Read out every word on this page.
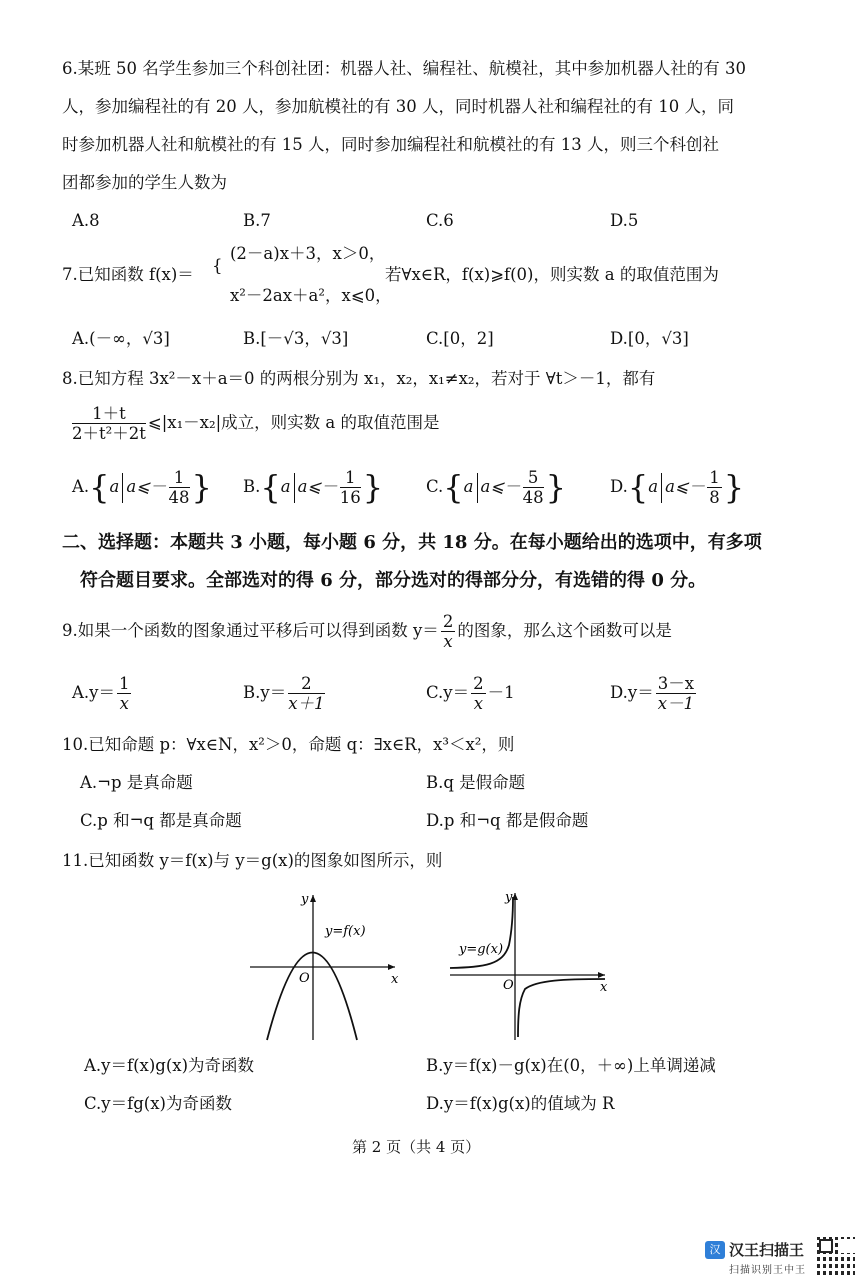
6.某班 50 名学生参加三个科创社团：机器人社、编程社、航模社，其中参加机器人社的有 30
人，参加编程社的有 20 人，参加航模社的有 30 人，同时机器人社和编程社的有 10 人，同
时参加机器人社和航模社的有 15 人，同时参加编程社和航模社的有 13 人，则三个科创社
团都参加的学生人数为
A.8	B.7	C.6	D.5
7.已知函数 f(x)＝ {
(2－a)x＋3，x＞0，
x²－2ax＋a²，x⩽0，
若∀x∈R，f(x)⩾f(0)，则实数 a 的取值范围为
A.(－∞，√3]	B.[－√3，√3]	C.[0，2]	D.[0，√3]
8.已知方程 3x²－x＋a＝0 的两根分别为 x₁，x₂，x₁≠x₂，若对于 ∀t＞－1，都有
$\frac{1+t}{\text{2＋t²＋2t}}$ ⩽|x₁－x₂|成立，则实数 a 的取值范围是
A.{a a⩽－ $\frac{1}{48}$ } B.{a a⩽－ $\frac{1}{16}$ }	C.{a a⩽－ $\frac{5}{48}$ }	D.{a a⩽－ $\frac{1}{8}$ }
二、选择题：本题共 3 小题，每小题 6 分，共 18 分。在每小题给出的选项中，有多项
符合题目要求。全部选对的得 6 分，部分选对的得部分分，有选错的得 0 分。
9.如果一个函数的图象通过平移后可以得到函数 $y= \frac{2}{x}$ 的图象，那么这个函数可以是
$A.y= \frac{1}{x}$	$B.y= \frac{2}{x+1}$	$C.y= \frac{2}{x} -1$	$D.y= \frac{3-x}{x-1}$
10.已知命题 p：∀x∈N，x²＞0，命题 q：∃x∈R，x³＜x²，则
A.¬p 是真命题	B.q 是假命题
C.p 和¬q 都是真命题	D.p 和¬q 都是假命题
11.已知函数 y＝f(x)与 y＝g(x)的图象如图所示，则
y
x
O
y=f(x)
y
x
O
y=g(x)
A.y＝f(x)g(x)为奇函数	B.y＝f(x)－g(x)在(0，＋∞)上单调递减
C.y＝fg(x)为奇函数	D.y＝f(x)g(x)的值域为 R
第 2 页（共 4 页）
汉 汉王扫描王
扫描识别王中王
